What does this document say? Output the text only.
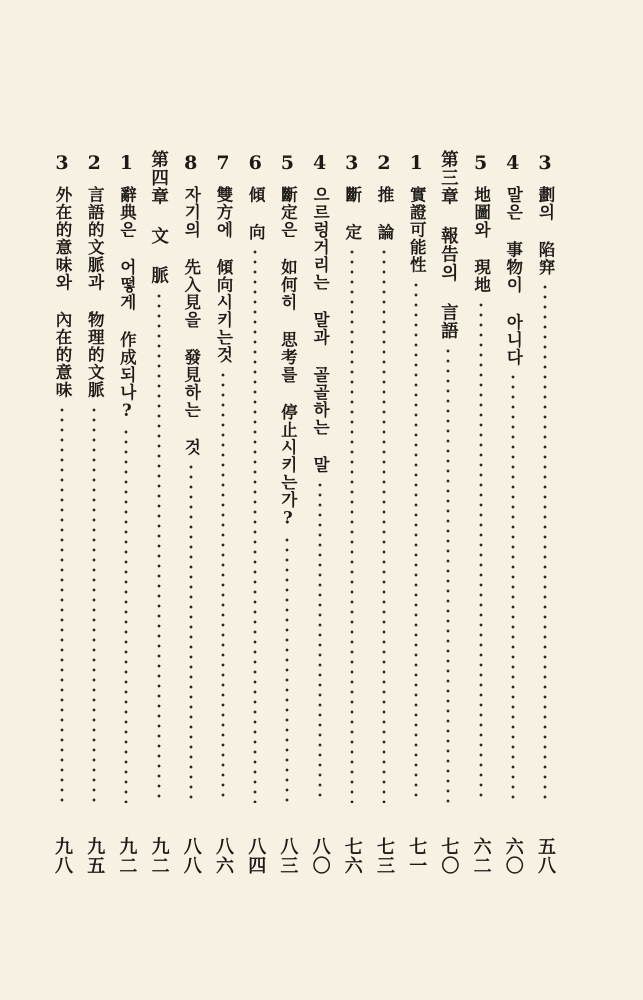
3
劃의 陷穽
五八
4
말은 事物이 아니다
六〇
5
地圖와 現地
六二
第三章 報告의 言語
七〇
1
實證可能性
七一
2
推 論
七三
3
斷 定
七六
4
으르렁거리는 말과 골골하는 말
八〇
5
斷定은 如何히 思考를 停止시키는가?
八三
6
傾 向
八四
7
雙方에 傾向시키는것
八六
8
자기의 先入見을 發見하는 것
八八
第四章 文 脈
九二
1
辭典은 어떻게 作成되나?
九二
2
言語的文脈과 物理的文脈
九五
3
外在的意味와 內在的意味
九八
